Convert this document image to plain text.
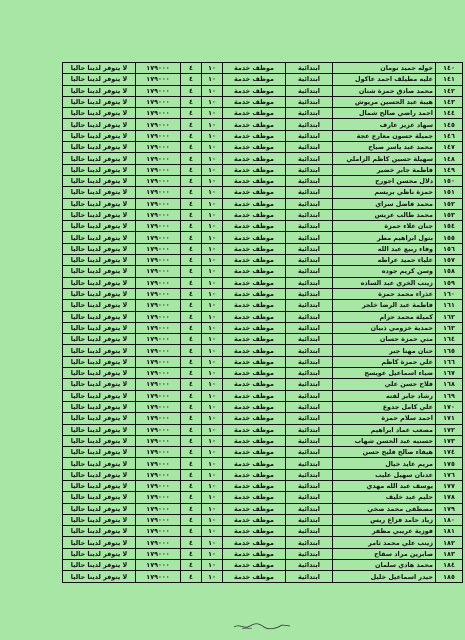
١٤٠	خوله حميد نومان	ابتدائية	موظف خدمة	١٠	٤	١٧٩٠٠٠	لا يتوفر لدينا حاليا
١٤١	عليه مطيلف احمد عاكول	ابتدائية	موظف خدمة	١٠	٤	١٧٩٠٠٠	لا يتوفر لدينا حاليا
١٤٢	محمد صادق حمزة شنان	ابتدائية	موظف خدمة	١٠	٤	١٧٩٠٠٠	لا يتوفر لدينا حاليا
١٤٣	هيبة عبد الحسين مريوش	ابتدائية	موظف خدمة	١٠	٤	١٧٩٠٠٠	لا يتوفر لدينا حاليا
١٤٤	احمد راضي صالح شمال	ابتدائية	موظف خدمة	١٠	٤	١٧٩٠٠٠	لا يتوفر لدينا حاليا
١٤٥	سهاد عزيز عارف	ابتدائية	موظف خدمة	١٠	٤	١٧٩٠٠٠	لا يتوفر لدينا حاليا
١٤٦	جميلة حسون معارج عجة	ابتدائية	موظف خدمة	١٠	٤	١٧٩٠٠٠	لا يتوفر لدينا حاليا
١٤٧	محمد عبد ياسر صياح	ابتدائية	موظف خدمة	١٠	٤	١٧٩٠٠٠	لا يتوفر لدينا حاليا
١٤٨	سهيلة حسين كاظم الزاملي	ابتدائية	موظف خدمة	١٠	٤	١٧٩٠٠٠	لا يتوفر لدينا حاليا
١٤٩	فاطمة جابر خضير	ابتدائية	موظف خدمة	١٠	٤	١٧٩٠٠٠	لا يتوفر لدينا حاليا
١٥٠	دلال محسن اجورح	ابتدائية	موظف خدمة	١٠	٤	١٧٩٠٠٠	لا يتوفر لدينا حاليا
١٥١	حمزة ناظي بريسم	ابتدائية	موظف خدمة	١٠	٤	١٧٩٠٠٠	لا يتوفر لدينا حاليا
١٥٢	محمد فاضل سراي	ابتدائية	موظف خدمة	١٠	٤	١٧٩٠٠٠	لا يتوفر لدينا حاليا
١٥٣	محمد طالب عريس	ابتدائية	موظف خدمة	١٠	٤	١٧٩٠٠٠	لا يتوفر لدينا حاليا
١٥٤	جنان علاء حمزة	ابتدائية	موظف خدمة	١٠	٤	١٧٩٠٠٠	لا يتوفر لدينا حاليا
١٥٥	بتول ابراهيم مطر	ابتدائية	موظف خدمة	١٠	٤	١٧٩٠٠٠	لا يتوفر لدينا حاليا
١٥٦	وفاء ربيع عبد الله	ابتدائية	موظف خدمة	١٠	٤	١٧٩٠٠٠	لا يتوفر لدينا حاليا
١٥٧	علياء حميد عراطه	ابتدائية	موظف خدمة	١٠	٤	١٧٩٠٠٠	لا يتوفر لدينا حاليا
١٥٨	وسن كريم جوده	ابتدائية	موظف خدمة	١٠	٤	١٧٩٠٠٠	لا يتوفر لدينا حاليا
١٥٩	زينب الخري عبد الساده	ابتدائية	موظف خدمة	١٠	٤	١٧٩٠٠٠	لا يتوفر لدينا حاليا
١٦٠	عذراء محمد حمزة	ابتدائية	موظف خدمة	١٠	٤	١٧٩٠٠٠	لا يتوفر لدينا حاليا
١٦١	فاطمة عبد الرضا خلجر	ابتدائية	موظف خدمة	١٠	٤	١٧٩٠٠٠	لا يتوفر لدينا حاليا
١٦٢	كميلة محمد حزام	ابتدائية	موظف خدمة	١٠	٤	١٧٩٠٠٠	لا يتوفر لدينا حاليا
١٦٣	حمدية خزومي ذبيان	ابتدائية	موظف خدمة	١٠	٤	١٧٩٠٠٠	لا يتوفر لدينا حاليا
١٦٤	متي حمزة حسان	ابتدائية	موظف خدمة	١٠	٤	١٧٩٠٠٠	لا يتوفر لدينا حاليا
١٦٥	حنان مهنا جبر	ابتدائية	موظف خدمة	١٠	٤	١٧٩٠٠٠	لا يتوفر لدينا حاليا
١٦٦	علي حمزة كاظم	ابتدائية	موظف خدمة	١٠	٤	١٧٩٠٠٠	لا يتوفر لدينا حاليا
١٦٧	ضياء اسماعيل عويسج	ابتدائية	موظف خدمة	١٠	٤	١٧٩٠٠٠	لا يتوفر لدينا حاليا
١٦٨	فلاح حسن علي	ابتدائية	موظف خدمة	١٠	٤	١٧٩٠٠٠	لا يتوفر لدينا حاليا
١٦٩	رشاد جابر لفته	ابتدائية	موظف خدمة	١٠	٤	١٧٩٠٠٠	لا يتوفر لدينا حاليا
١٧٠	علي كامل جدوع	ابتدائية	موظف خدمة	١٠	٤	١٧٩٠٠٠	لا يتوفر لدينا حاليا
١٧١	احمد سلام حمزة	ابتدائية	موظف خدمة	١٠	٤	١٧٩٠٠٠	لا يتوفر لدينا حاليا
١٧٢	مصعب عماد ابراهيم	ابتدائية	موظف خدمة	١٠	٤	١٧٩٠٠٠	لا يتوفر لدينا حاليا
١٧٣	حسنيه عبد الحسن شهاب	ابتدائية	موظف خدمة	١٠	٤	١٧٩٠٠٠	لا يتوفر لدينا حاليا
١٧٤	هيفاء صالح فليح حسن	ابتدائية	موظف خدمة	١٠	٤	١٧٩٠٠٠	لا يتوفر لدينا حاليا
١٧٥	مريم عايد خيال	ابتدائية	موظف خدمة	١٠	٤	١٧٩٠٠٠	لا يتوفر لدينا حاليا
١٧٦	عدنان سهيل عليب	ابتدائية	موظف خدمة	١٠	٤	١٧٩٠٠٠	لا يتوفر لدينا حاليا
١٧٧	يوسف عبد الله مهدي	ابتدائية	موظف خدمة	١٠	٤	١٧٩٠٠٠	لا يتوفر لدينا حاليا
١٧٨	حليم عبد خليف	ابتدائية	موظف خدمة	١٠	٤	١٧٩٠٠٠	لا يتوفر لدينا حاليا
١٧٩	مصطفى محمد صخي	ابتدائية	موظف خدمة	١٠	٤	١٧٩٠٠٠	لا يتوفر لدينا حاليا
١٨٠	زياد حامد فزاع ريس	ابتدائية	موظف خدمة	١٠	٤	١٧٩٠٠٠	لا يتوفر لدينا حاليا
١٨١	فوزية عريبي مظفر	ابتدائية	موظف خدمة	١٠	٤	١٧٩٠٠٠	لا يتوفر لدينا حاليا
١٨٢	زينب علي محمد ثامر	ابتدائية	موظف خدمة	١٠	٤	١٧٩٠٠٠	لا يتوفر لدينا حاليا
١٨٣	صابرين مراد سفاح	ابتدائية	موظف خدمة	١٠	٤	١٧٩٠٠٠	لا يتوفر لدينا حاليا
١٨٤	محمد هادي سلمان	ابتدائية	موظف خدمة	١٠	٤	١٧٩٠٠٠	لا يتوفر لدينا حاليا
١٨٥	حيدر اسماعيل خليل	ابتدائية	موظف خدمة	١٠	٤	١٧٩٠٠٠	لا يتوفر لدينا حاليا
